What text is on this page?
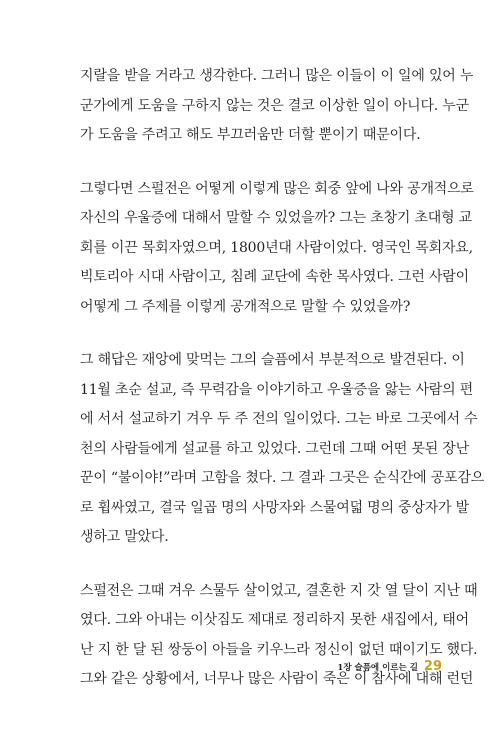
지랄을 받을 거라고 생각한다. 그러니 많은 이들이 이 일에 있어 누
군가에게 도움을 구하지 않는 것은 결코 이상한 일이 아니다. 누군
가 도움을 주려고 해도 부끄러움만 더할 뿐이기 때문이다.

그렇다면 스펄전은 어떻게 이렇게 많은 회중 앞에 나와 공개적으로
자신의 우울증에 대해서 말할 수 있었을까? 그는 초창기 초대형 교
회를 이끈 목회자였으며, 1800년대 사람이었다. 영국인 목회자요,
빅토리아 시대 사람이고, 침례 교단에 속한 목사였다. 그런 사람이
어떻게 그 주제를 이렇게 공개적으로 말할 수 있었을까?

그 해답은 재앙에 맞먹는 그의 슬픔에서 부분적으로 발견된다. 이
11월 초순 설교, 즉 무력감을 이야기하고 우울증을 앓는 사람의 편
에 서서 설교하기 겨우 두 주 전의 일이었다. 그는 바로 그곳에서 수
천의 사람들에게 설교를 하고 있었다. 그런데 그때 어떤 못된 장난
꾼이 “불이야!”라며 고함을 쳤다. 그 결과 그곳은 순식간에 공포감으
로 휩싸였고, 결국 일곱 명의 사망자와 스물여덟 명의 중상자가 발
생하고 말았다.

스펄전은 그때 겨우 스물두 살이었고, 결혼한 지 갓 열 달이 지난 때
였다. 그와 아내는 이삿짐도 제대로 정리하지 못한 새집에서, 태어
난 지 한 달 된 쌍둥이 아들을 키우느라 정신이 없던 때이기도 했다.
그와 같은 상황에서, 너무나 많은 사람이 죽은 이 참사에 대해 런던

1장 슬픔에 이르는 길 29
